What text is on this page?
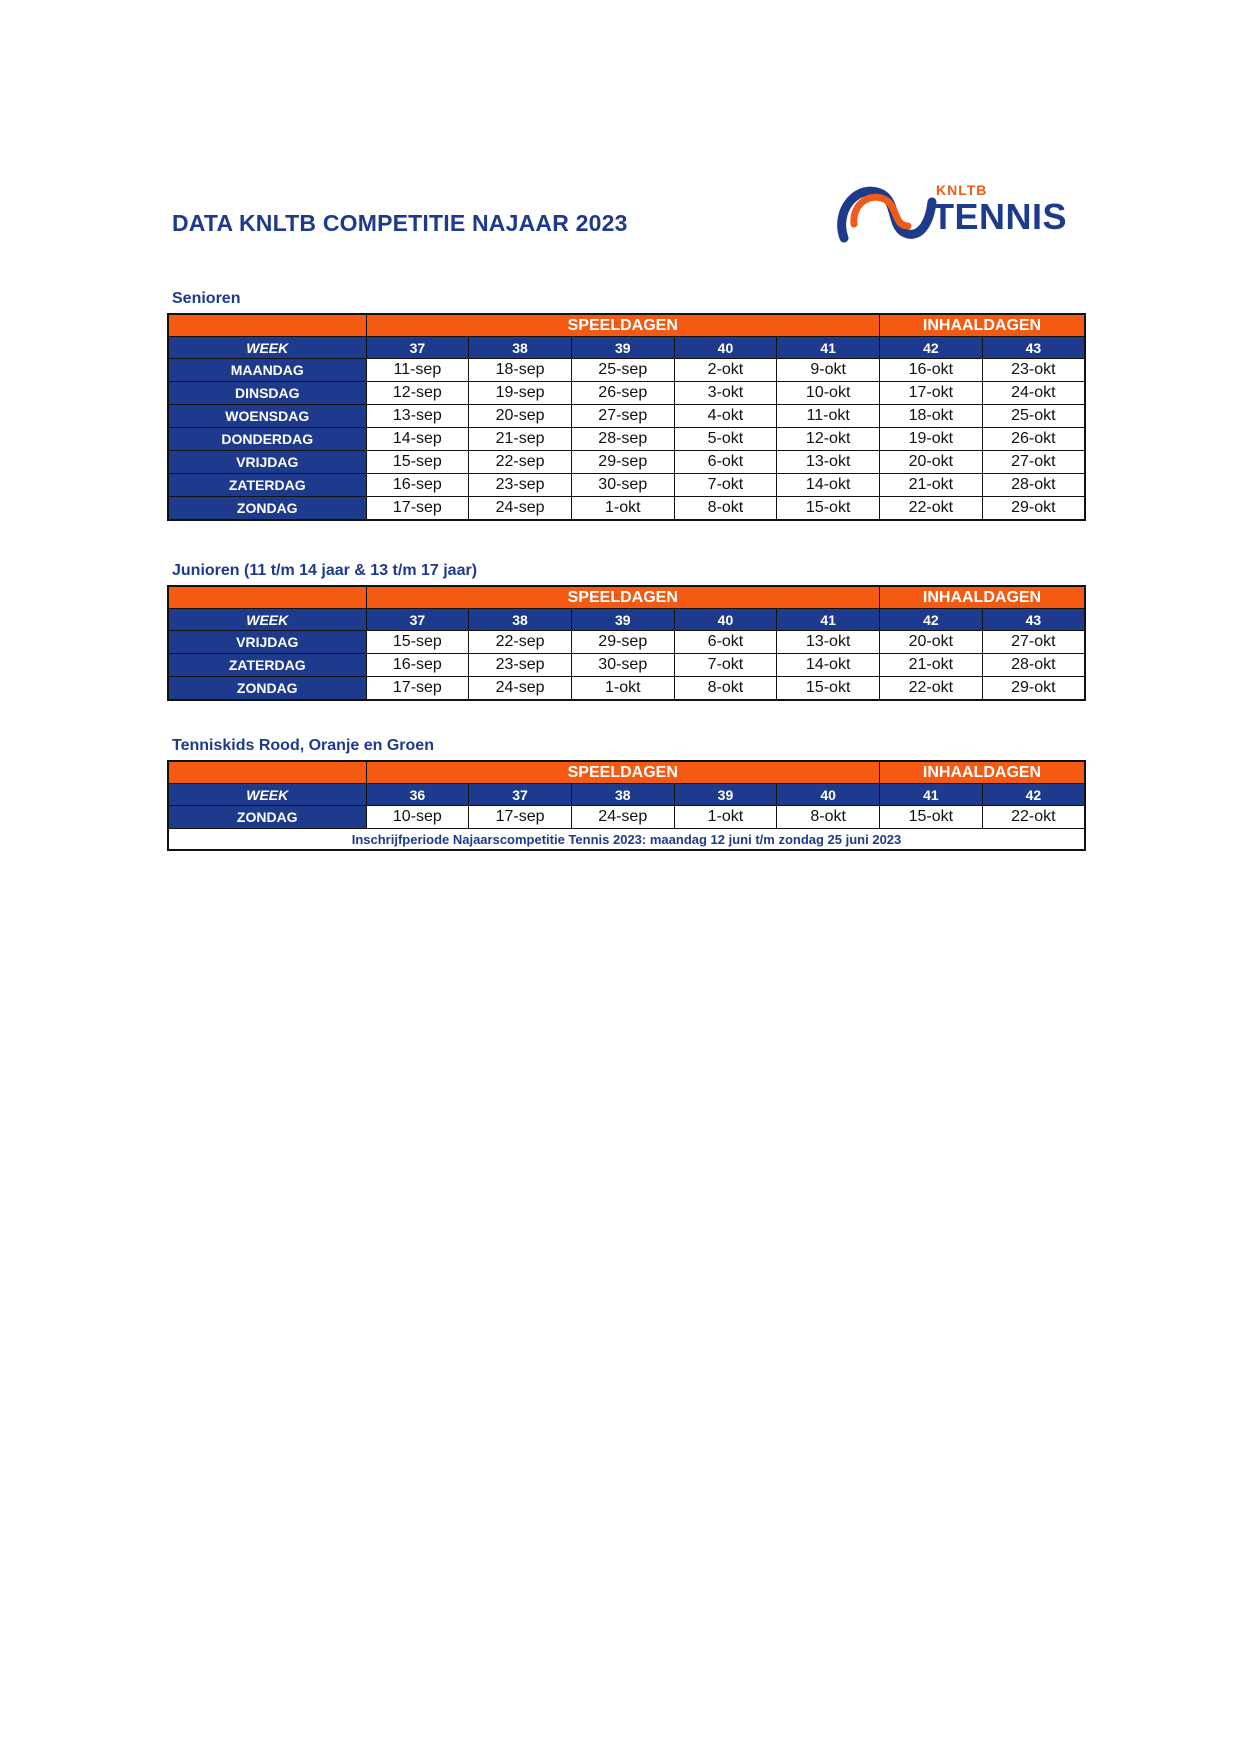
DATA KNLTB COMPETITIE NAJAAR 2023
KNLTB
TENNIS
Senioren
	SPEELDAGEN					INHAALDAGEN	
WEEK	37	38	39	40	41	42	43
MAANDAG	11-sep	18-sep	25-sep	2-okt	9-okt	16-okt	23-okt
DINSDAG	12-sep	19-sep	26-sep	3-okt	10-okt	17-okt	24-okt
WOENSDAG	13-sep	20-sep	27-sep	4-okt	11-okt	18-okt	25-okt
DONDERDAG	14-sep	21-sep	28-sep	5-okt	12-okt	19-okt	26-okt
VRIJDAG	15-sep	22-sep	29-sep	6-okt	13-okt	20-okt	27-okt
ZATERDAG	16-sep	23-sep	30-sep	7-okt	14-okt	21-okt	28-okt
ZONDAG	17-sep	24-sep	1-okt	8-okt	15-okt	22-okt	29-okt
Junioren (11 t/m 14 jaar & 13 t/m 17 jaar)
	SPEELDAGEN					INHAALDAGEN	
WEEK	37	38	39	40	41	42	43
VRIJDAG	15-sep	22-sep	29-sep	6-okt	13-okt	20-okt	27-okt
ZATERDAG	16-sep	23-sep	30-sep	7-okt	14-okt	21-okt	28-okt
ZONDAG	17-sep	24-sep	1-okt	8-okt	15-okt	22-okt	29-okt
Tenniskids Rood, Oranje en Groen
	SPEELDAGEN					INHAALDAGEN	
WEEK	36	37	38	39	40	41	42
ZONDAG	10-sep	17-sep	24-sep	1-okt	8-okt	15-okt	22-okt
Inschrijfperiode Najaarscompetitie Tennis 2023: maandag 12 juni t/m zondag 25 juni 2023							
